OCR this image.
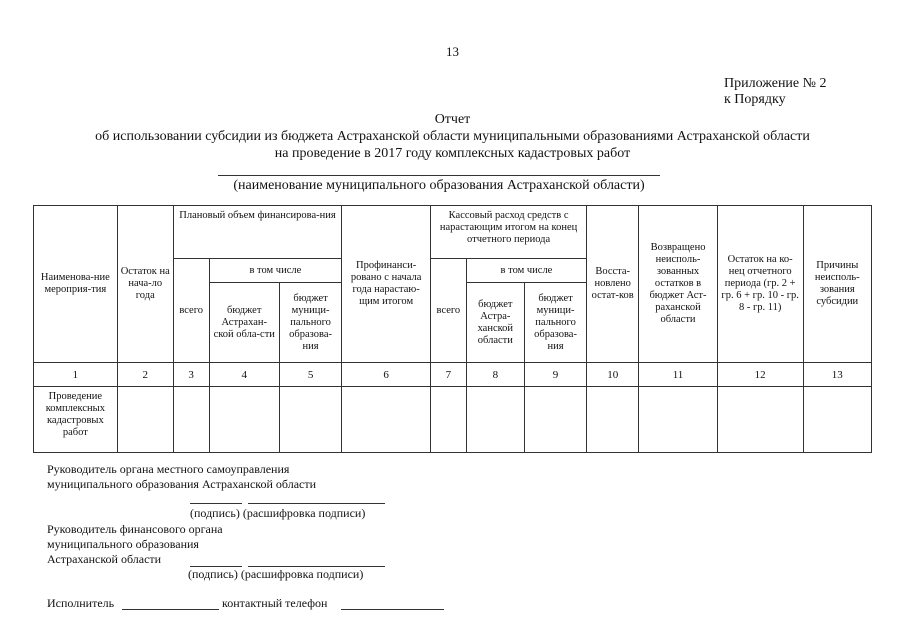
13
Приложение № 2
к Порядку
Отчет
об использовании субсидии из бюджета Астраханской области муниципальными образованиями Астраханской области
на проведение в 2017 году комплексных кадастровых работ
(наименование муниципального образования Астраханской области)
Наименова-ние мероприя-тия	Остаток на нача-ло года	Плановый объем финансирова-ния			Профинанси-ровано с начала года нарастаю-щим итогом	Кассовый расход средств с нарастающим итогом на конец отчетного периода			Восста-новлено остат-ков	Возвращено неисполь-зованных остатков в бюджет Аст-раханской области	Остаток на ко-нец отчетного периода (гр. 2 + гр. 6 + гр. 10 - гр. 8 - гр. 11)	Причины неисполь-зования субсидии
		всего	в том числе			всего	в том числе					
			бюджет Астрахан-ской обла-сти	бюджет муници-пального образова-ния			бюджет Астра-ханской области	бюджет муници-пального образова-ния				
1	2	3	4	5	6	7	8	9	10	11	12	13
Проведение комплексных кадастровых работ												
Руководитель органа местного самоуправления
муниципального образования Астраханской области
(подпись) (расшифровка подписи)
Руководитель финансового органа
муниципального образования
Астраханской области
(подпись) (расшифровка подписи)
Исполнитель	контактный телефон
